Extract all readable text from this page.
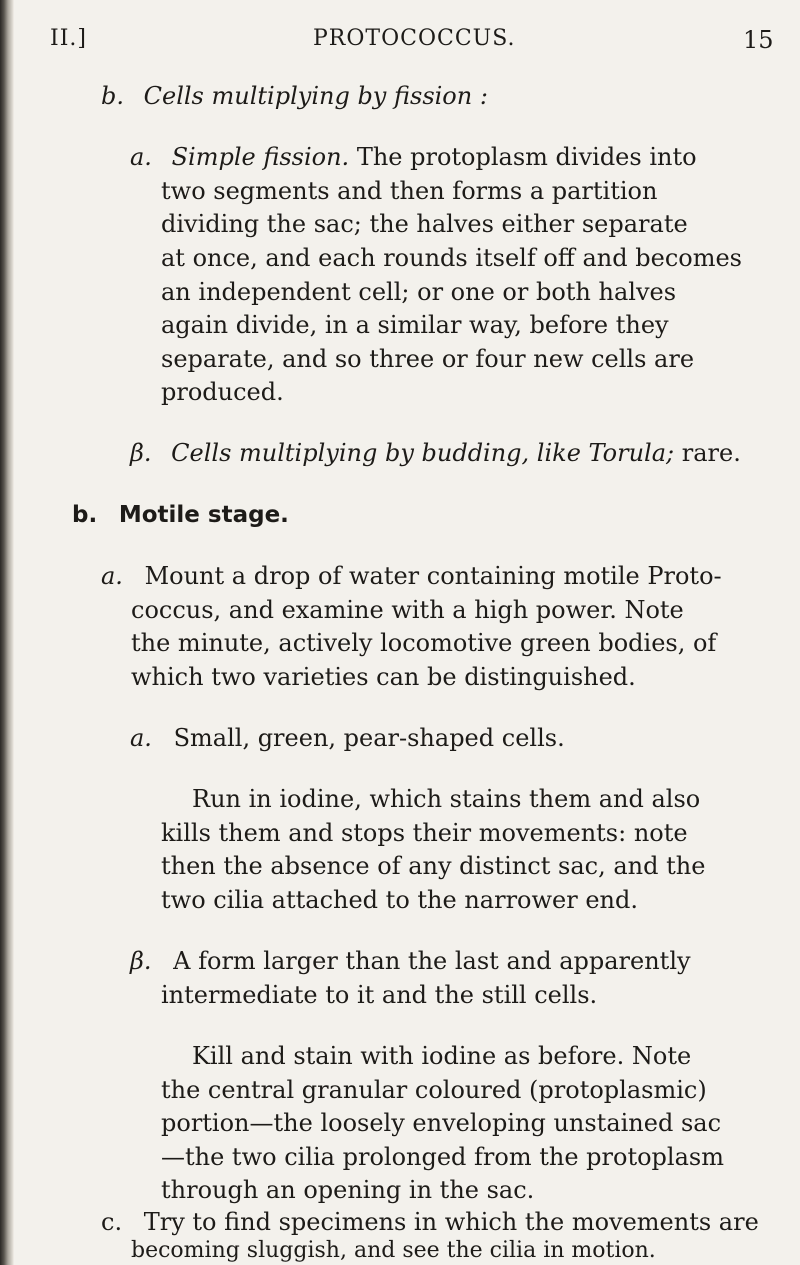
II.]	PROTOCOCCUS.	15
b. Cells multiplying by fission :
a. Simple fission. The protoplasm divides into
two segments and then forms a partition
dividing the sac; the halves either separate
at once, and each rounds itself off and becomes
an independent cell; or one or both halves
again divide, in a similar way, before they
separate, and so three or four new cells are
produced.
β. Cells multiplying by budding, like Torula; rare.
b. Motile stage.
a. Mount a drop of water containing motile Proto-
coccus, and examine with a high power. Note
the minute, actively locomotive green bodies, of
which two varieties can be distinguished.
a. Small, green, pear-shaped cells.
Run in iodine, which stains them and also
kills them and stops their movements: note
then the absence of any distinct sac, and the
two cilia attached to the narrower end.
β. A form larger than the last and apparently
intermediate to it and the still cells.
Kill and stain with iodine as before. Note
the central granular coloured (protoplasmic)
portion—the loosely enveloping unstained sac
—the two cilia prolonged from the protoplasm
through an opening in the sac.
c. Try to find specimens in which the movements are
becoming sluggish, and see the cilia in motion.
